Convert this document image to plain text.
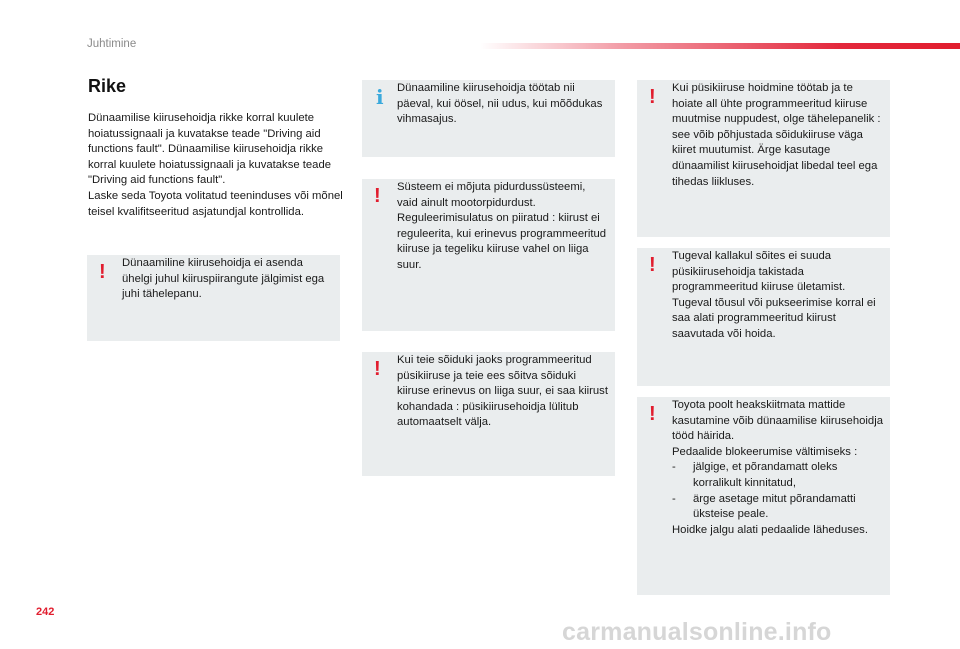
Juhtimine
Rike

Dünaamilise kiirusehoidja rikke korral kuulete hoiatussignaali ja kuvatakse teade "Driving aid functions fault". Dünaamilise kiirusehoidja rikke korral kuulete hoiatussignaali ja kuvatakse teade "Driving aid functions fault".

Laske seda Toyota volitatud teeninduses või mõnel teisel kvalifitseeritud asjatundjal kontrollida.

! Dünaamiline kiirusehoidja ei asenda ühelgi juhul kiiruspiirangute jälgimist ega juhi tähelepanu.
i Dünaamiline kiirusehoidja töötab nii päeval, kui öösel, nii udus, kui mõõdukas vihmasajus.
! Süsteem ei mõjuta pidurdussüsteemi, vaid ainult mootorpidurdust. Reguleerimisulatus on piiratud : kiirust ei reguleerita, kui erinevus programmeeritud kiiruse ja tegeliku kiiruse vahel on liiga suur.
! Kui teie sõiduki jaoks programmeeritud püsikiiruse ja teie ees sõitva sõiduki kiiruse erinevus on liiga suur, ei saa kiirust kohandada : püsikiirusehoidja lülitub automaatselt välja.
! Kui püsikiiruse hoidmine töötab ja te hoiate all ühte programmeeritud kiiruse muutmise nuppudest, olge tähelepanelik : see võib põhjustada sõidukiiruse väga kiiret muutumist. Ärge kasutage dünaamilist kiirusehoidjat libedal teel ega tihedas liikluses.
! Tugeval kallakul sõites ei suuda püsikiirusehoidja takistada programmeeritud kiiruse ületamist. Tugeval tõusul või pukseerimise korral ei saa alati programmeeritud kiirust saavutada või hoida.
! Toyota poolt heakskiitmata mattide kasutamine võib dünaamilise kiirusehoidja tööd häirida.

Pedaalide blokeerumise vältimiseks :

-	jälgige, et põrandamatt oleks korralikult kinnitatud,
-	ärge asetage mitut põrandamatti üksteise peale.

Hoidke jalgu alati pedaalide läheduses.

242
carmanualsonline.info
